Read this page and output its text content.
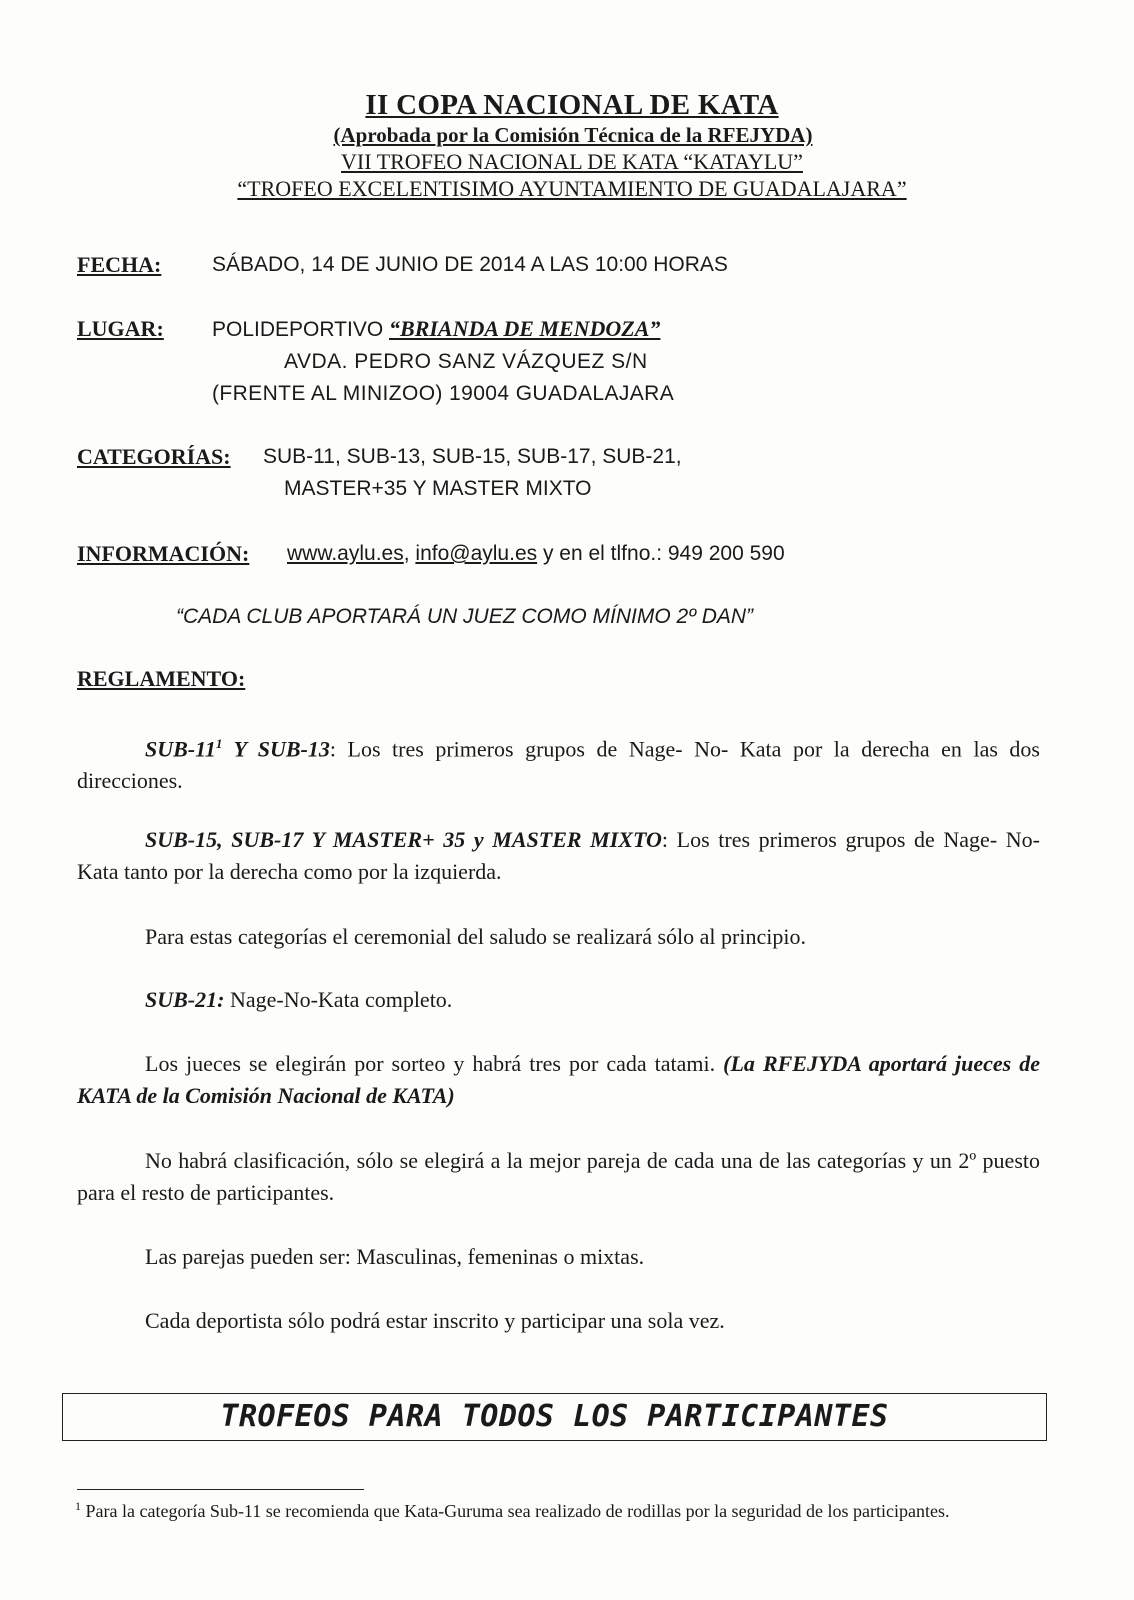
II COPA NACIONAL DE KATA
(Aprobada por la Comisión Técnica de la RFEJYDA)
VII TROFEO NACIONAL DE KATA “KATAYLU”
“TROFEO EXCELENTISIMO AYUNTAMIENTO DE GUADALAJARA”
FECHA: SÁBADO, 14 DE JUNIO DE 2014 A LAS 10:00 HORAS
LUGAR: POLIDEPORTIVO “BRIANDA DE MENDOZA”
AVDA. PEDRO SANZ VÁZQUEZ S/N
(FRENTE AL MINIZOO) 19004 GUADALAJARA
CATEGORÍAS: SUB-11, SUB-13, SUB-15, SUB-17, SUB-21,
MASTER+35 Y MASTER MIXTO
INFORMACIÓN: www.aylu.es, info@aylu.es y en el tlfno.: 949 200 590
“CADA CLUB APORTARÁ UN JUEZ COMO MÍNIMO 2º DAN”
REGLAMENTO:
SUB-$11^1$ Y SUB-13: Los tres primeros grupos de Nage- No- Kata por la derecha en las dos direcciones.
SUB-15, SUB-17 Y MASTER+ 35 y MASTER MIXTO: Los tres primeros grupos de Nage- No- Kata tanto por la derecha como por la izquierda.
Para estas categorías el ceremonial del saludo se realizará sólo al principio.
SUB-21: Nage-No-Kata completo.
Los jueces se elegirán por sorteo y habrá tres por cada tatami. (La RFEJYDA aportará jueces de KATA de la Comisión Nacional de KATA)
No habrá clasificación, sólo se elegirá a la mejor pareja de cada una de las categorías y un 2º puesto para el resto de participantes.
Las parejas pueden ser: Masculinas, femeninas o mixtas.
Cada deportista sólo podrá estar inscrito y participar una sola vez.
TROFEOS PARA TODOS LOS PARTICIPANTES
$^1$ Para la categoría Sub-11 se recomienda que Kata-Guruma sea realizado de rodillas por la seguridad de los participantes.
